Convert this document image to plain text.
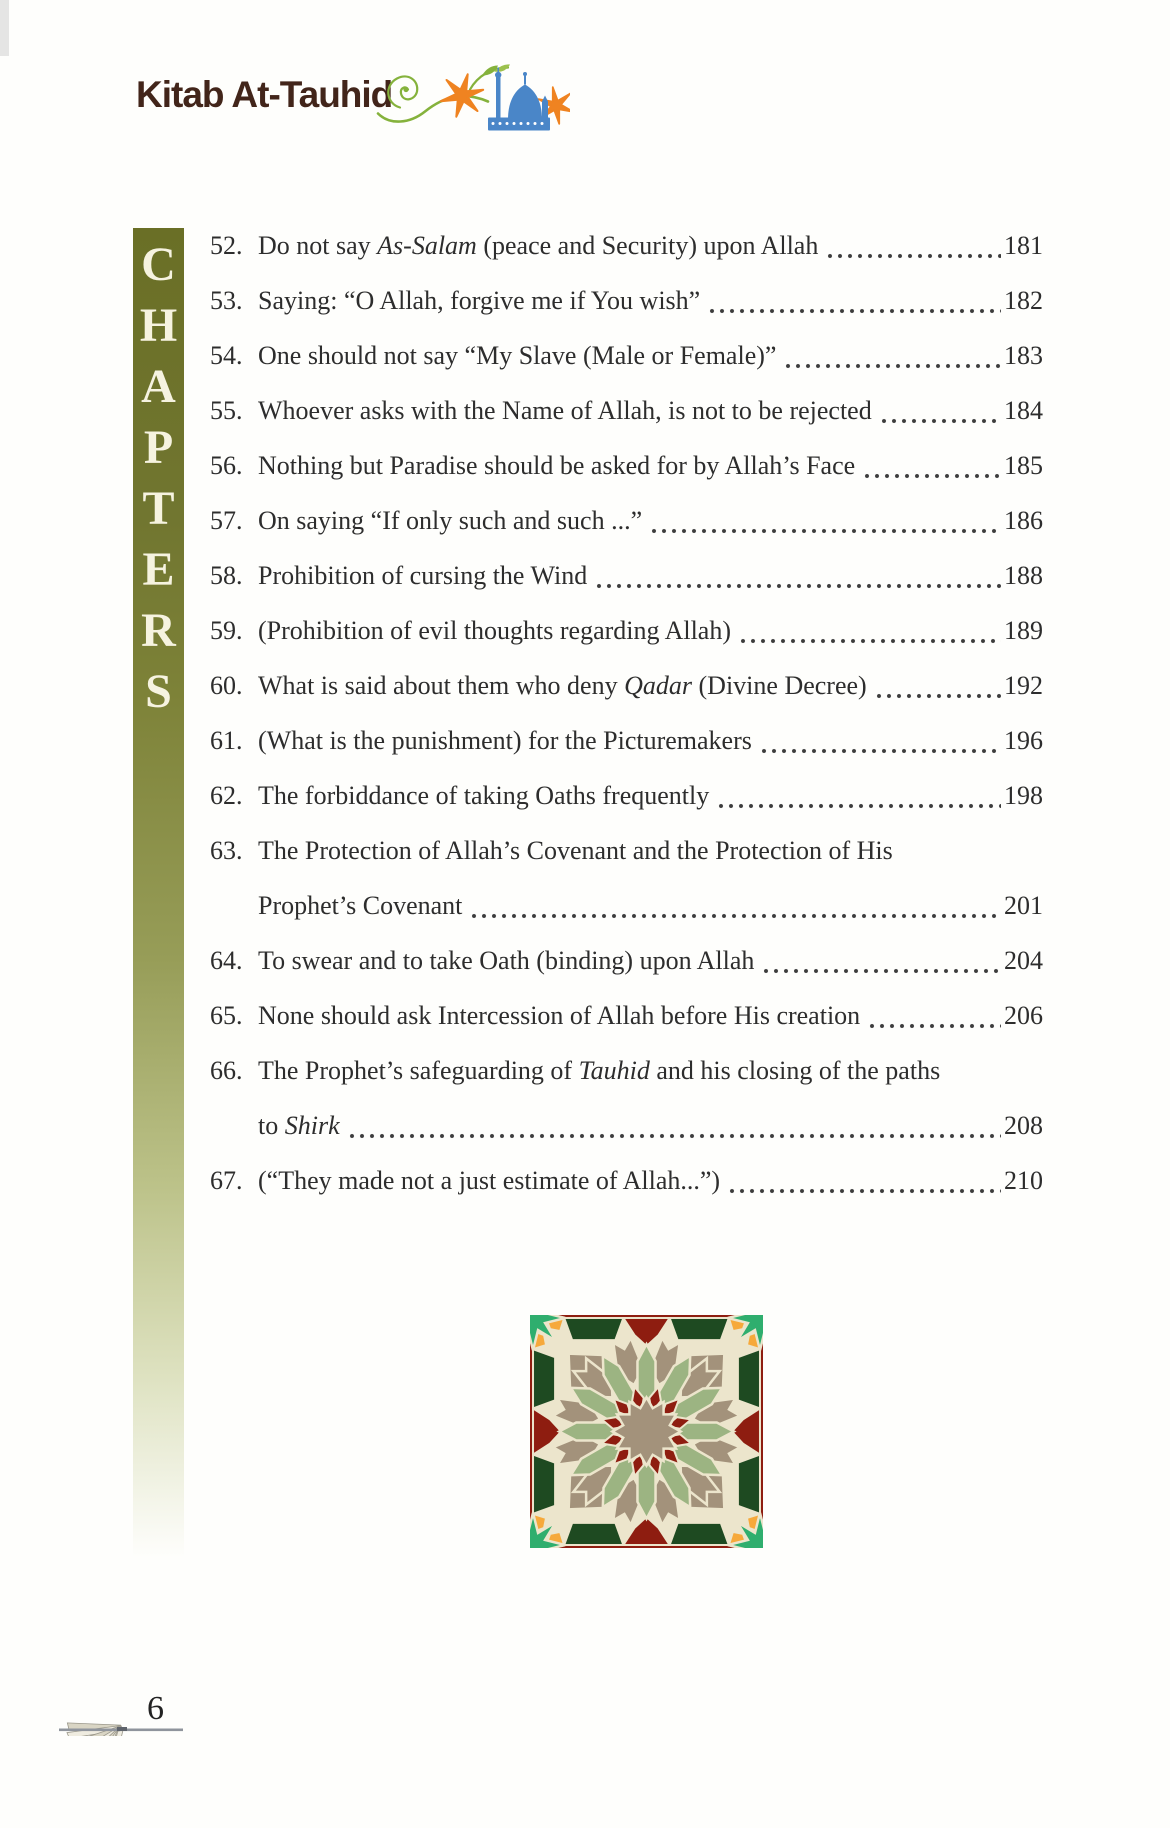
Kitab At-Tauhid
C
H
A
P
T
E
R
S
52. Do not say As-Salam (peace and Security) upon Allah	181
53. Saying: “O Allah, forgive me if You wish”	182
54. One should not say “My Slave (Male or Female)”	183
55. Whoever asks with the Name of Allah, is not to be rejected	184
56. Nothing but Paradise should be asked for by Allah’s Face	185
57. On saying “If only such and such ...”	186
58. Prohibition of cursing the Wind	188
59. (Prohibition of evil thoughts regarding Allah)	189
60. What is said about them who deny Qadar (Divine Decree)	192
61. (What is the punishment) for the Picturemakers	196
62. The forbiddance of taking Oaths frequently	198
63. The Protection of Allah’s Covenant and the Protection of His
Prophet’s Covenant	201
64. To swear and to take Oath (binding) upon Allah	204
65. None should ask Intercession of Allah before His creation	206
66. The Prophet’s safeguarding of Tauhid and his closing of the paths
to Shirk	208
67. (“They made not a just estimate of Allah...”)	210
6
